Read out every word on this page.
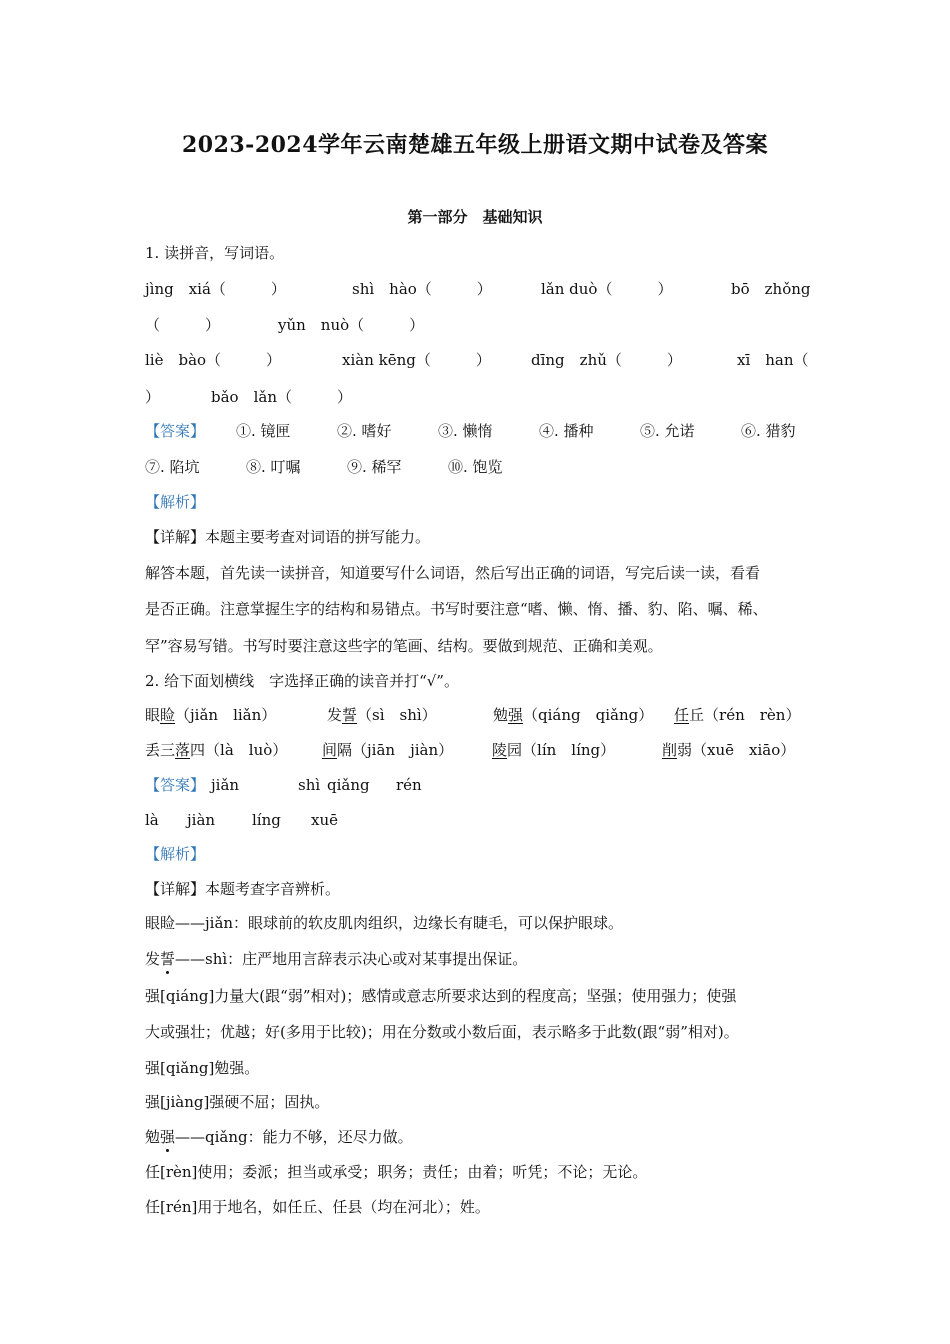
2023-2024学年云南楚雄五年级上册语文期中试卷及答案
第一部分　基础知识
1. 读拼音，写词语。
jìng　xiá（　　　）	shì　hào（　　　）	lǎn duò（　　　）	bō　zhǒng
（　　　）	yǔn　nuò（　　　）
liè　bào（　　　）	xiàn kēng（　　　）	dīng　zhǔ（　　　）	xī　han（
）	bǎo　lǎn（　　　）
【答案】 ①. 镜匣	②. 嗜好	③. 懒惰	④. 播种	⑤. 允诺	⑥. 猎豹
⑦. 陷坑	⑧. 叮嘱	⑨. 稀罕	⑩. 饱览
【解析】
【详解】本题主要考查对词语的拼写能力。
解答本题，首先读一读拼音，知道要写什么词语，然后写出正确的词语，写完后读一读，看看
是否正确。注意掌握生字的结构和易错点。书写时要注意“嗜、懒、惰、播、豹、陷、嘱、稀、
罕”容易写错。书写时要注意这些字的笔画、结构。要做到规范、正确和美观。
2. 给下面划横线　字选择正确的读音并打“√”。
眼睑（jiǎn　liǎn）	发誓（sì　shì）	勉强（qiáng　qiǎng） 任丘（rén　rèn）
丢三落四（là　luò） 间隔（jiān　jiàn）	陵园（lín　líng）	削弱（xuē　xiāo）
【答案】 jiǎn	shì qiǎng rén
là jiàn líng xuē
【解析】
【详解】本题考查字音辨析。
眼睑——jiǎn：眼球前的软皮肌肉组织，边缘长有睫毛，可以保护眼球。
发誓——shì：庄严地用言辞表示决心或对某事提出保证。
强[qiáng]力量大(跟“弱”相对)；感情或意志所要求达到的程度高；坚强；使用强力；使强
大或强壮；优越；好(多用于比较)；用在分数或小数后面，表示略多于此数(跟“弱”相对)。
强[qiǎng]勉强。
强[jiàng]强硬不屈；固执。
勉强——qiǎng：能力不够，还尽力做。
任[rèn]使用；委派；担当或承受；职务；责任；由着；听凭；不论；无论。
任[rén]用于地名，如任丘、任县（均在河北）；姓。
